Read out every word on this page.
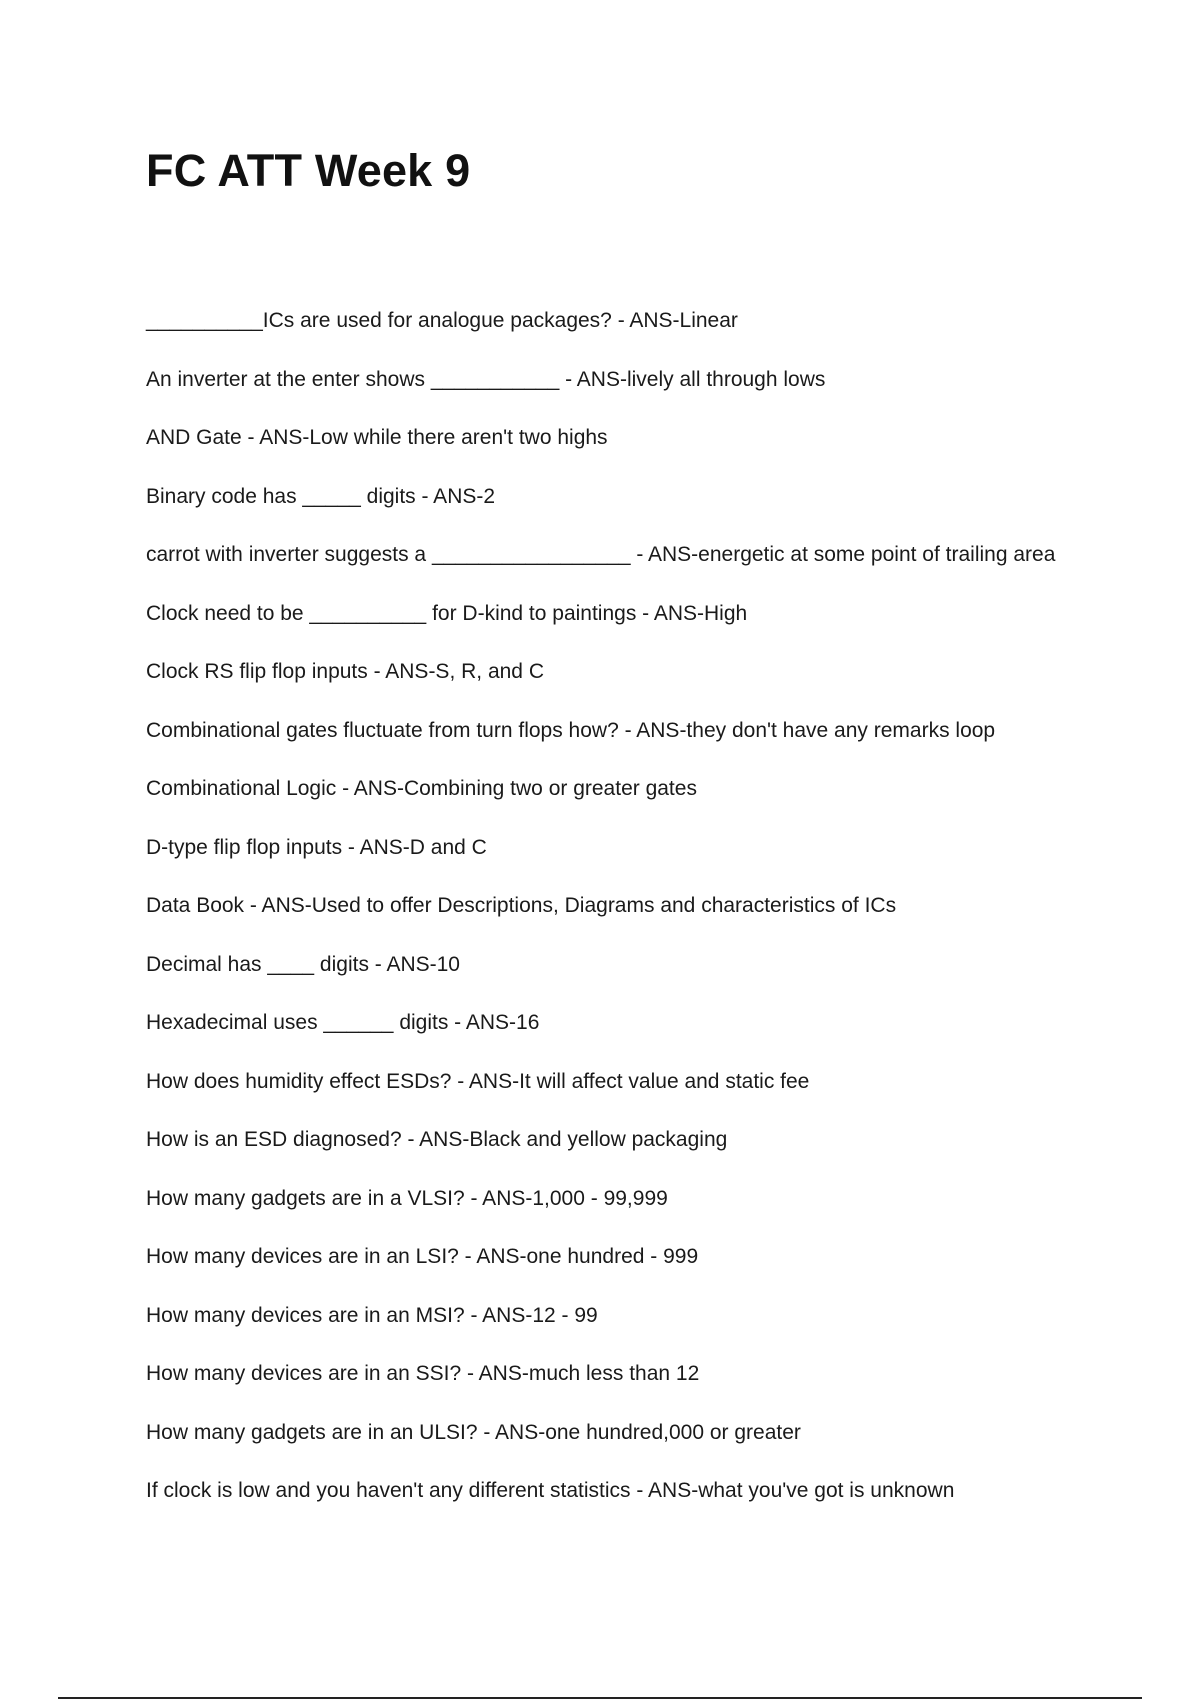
FC ATT Week 9
__________ICs are used for analogue packages? - ANS-Linear
An inverter at the enter shows ___________ - ANS-lively all through lows
AND Gate - ANS-Low while there aren't two highs
Binary code has _____ digits - ANS-2
carrot with inverter suggests a _________________ - ANS-energetic at some point of trailing area
Clock need to be __________ for D-kind to paintings - ANS-High
Clock RS flip flop inputs - ANS-S, R, and C
Combinational gates fluctuate from turn flops how? - ANS-they don't have any remarks loop
Combinational Logic - ANS-Combining two or greater gates
D-type flip flop inputs - ANS-D and C
Data Book - ANS-Used to offer Descriptions, Diagrams and characteristics of ICs
Decimal has ____ digits - ANS-10
Hexadecimal uses ______ digits - ANS-16
How does humidity effect ESDs? - ANS-It will affect value and static fee
How is an ESD diagnosed? - ANS-Black and yellow packaging
How many gadgets are in a VLSI? - ANS-1,000 - 99,999
How many devices are in an LSI? - ANS-one hundred - 999
How many devices are in an MSI? - ANS-12 - 99
How many devices are in an SSI? - ANS-much less than 12
How many gadgets are in an ULSI? - ANS-one hundred,000 or greater
If clock is low and you haven't any different statistics - ANS-what you've got is unknown
